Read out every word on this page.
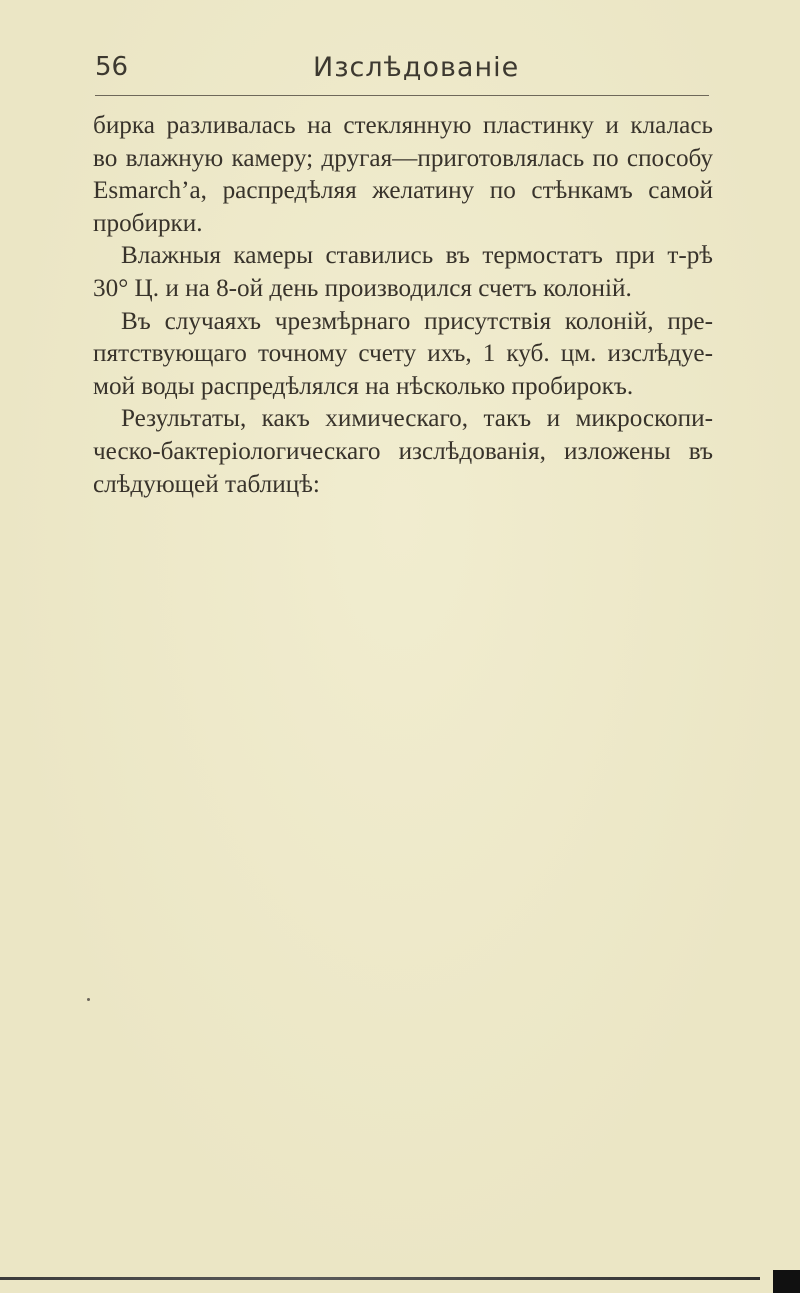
56	Изслѣдованіе

бирка разливалась на стеклянную пластинку и клалась
во влажную камеру; другая—приготовлялась по способу
Esmarch’a, распредѣляя желатину по стѣнкамъ самой
пробирки.

Влажныя камеры ставились въ термостатъ при т-рѣ
30° Ц. и на 8-ой день производился счетъ колоній.

Въ случаяхъ чрезмѣрнаго присутствія колоній, пре-
пятствующаго точному счету ихъ, 1 куб. цм. изслѣдуе-
мой воды распредѣлялся на нѣсколько пробирокъ.

Результаты, какъ химическаго, такъ и микроскопи-
ческо-бактеріологическаго изслѣдованія, изложены въ
слѣдующей таблицѣ:
